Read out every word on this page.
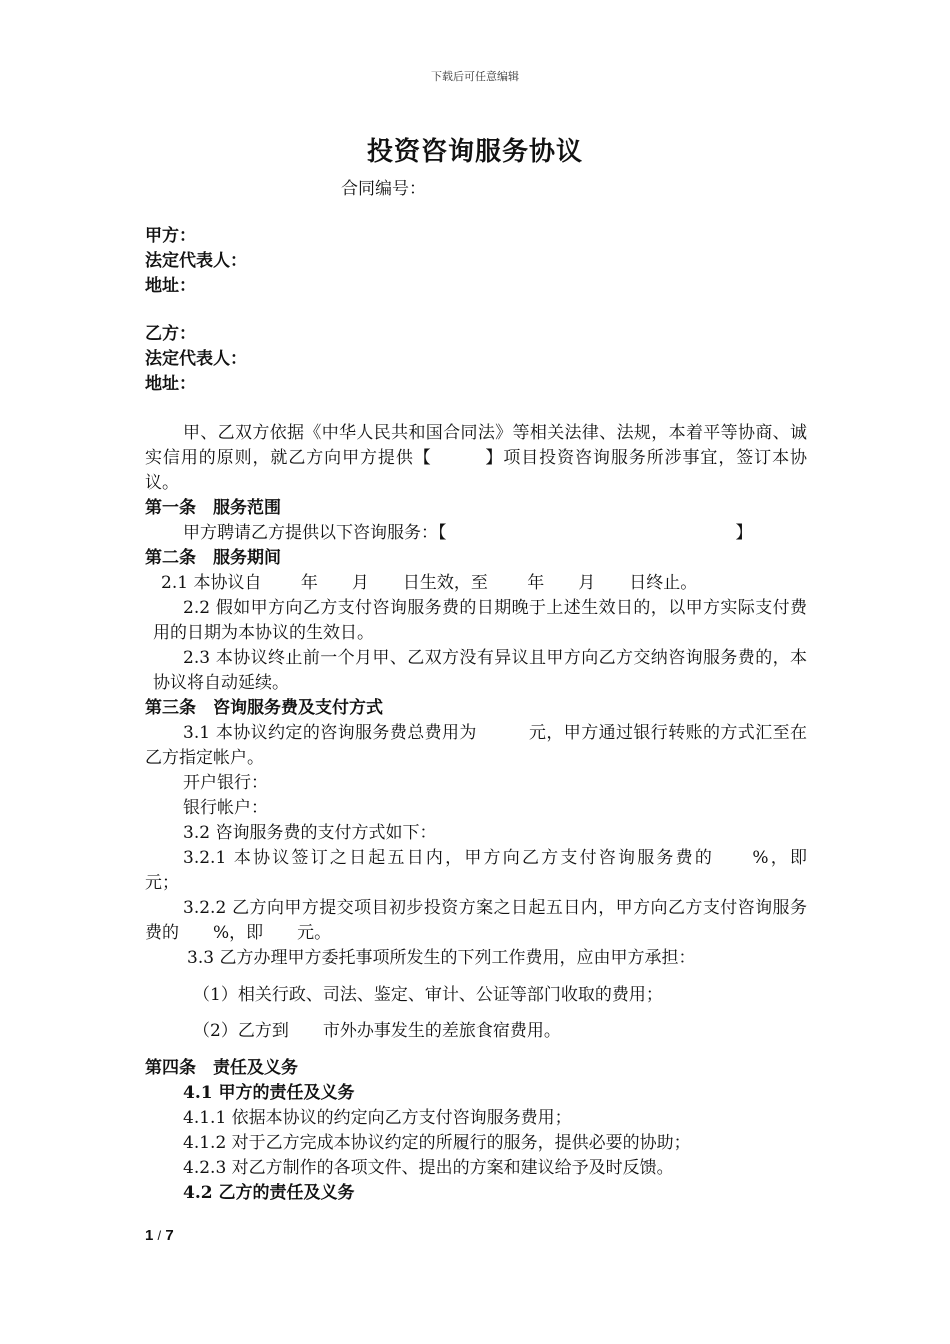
下载后可任意编辑
投资咨询服务协议
合同编号：
甲方：
法定代表人：
地址：
乙方：
法定代表人：
地址：
甲、乙双方依据《中华人民共和国合同法》等相关法律、法规，本着平等协商、诚实信用的原则，就乙方向甲方提供【　　　】项目投资咨询服务所涉事宜，签订本协议。
第一条　服务范围
甲方聘请乙方提供以下咨询服务：【　　　　　　　　　　　　　　　　　】
第二条　服务期间
2.1 本协议自　　 年　　月　　日生效，至　　 年　　月　　日终止。
2.2 假如甲方向乙方支付咨询服务费的日期晚于上述生效日的，以甲方实际支付费用的日期为本协议的生效日。
2.3 本协议终止前一个月甲、乙双方没有异议且甲方向乙方交纳咨询服务费的，本协议将自动延续。
第三条　咨询服务费及支付方式
3.1 本协议约定的咨询服务费总费用为　　　元，甲方通过银行转账的方式汇至在乙方指定帐户。
开户银行：
银行帐户：
3.2 咨询服务费的支付方式如下：
3.2.1 本协议签订之日起五日内，甲方向乙方支付咨询服务费的　　%，即　　元；
3.2.2 乙方向甲方提交项目初步投资方案之日起五日内，甲方向乙方支付咨询服务费的　　%，即　　元。
3.3 乙方办理甲方委托事项所发生的下列工作费用，应由甲方承担：
（1）相关行政、司法、鉴定、审计、公证等部门收取的费用；
（2）乙方到　　市外办事发生的差旅食宿费用。
第四条　责任及义务
4.1 甲方的责任及义务
4.1.1 依据本协议的约定向乙方支付咨询服务费用；
4.1.2 对于乙方完成本协议约定的所履行的服务，提供必要的协助；
4.2.3 对乙方制作的各项文件、提出的方案和建议给予及时反馈。
4.2 乙方的责任及义务
1 / 7
